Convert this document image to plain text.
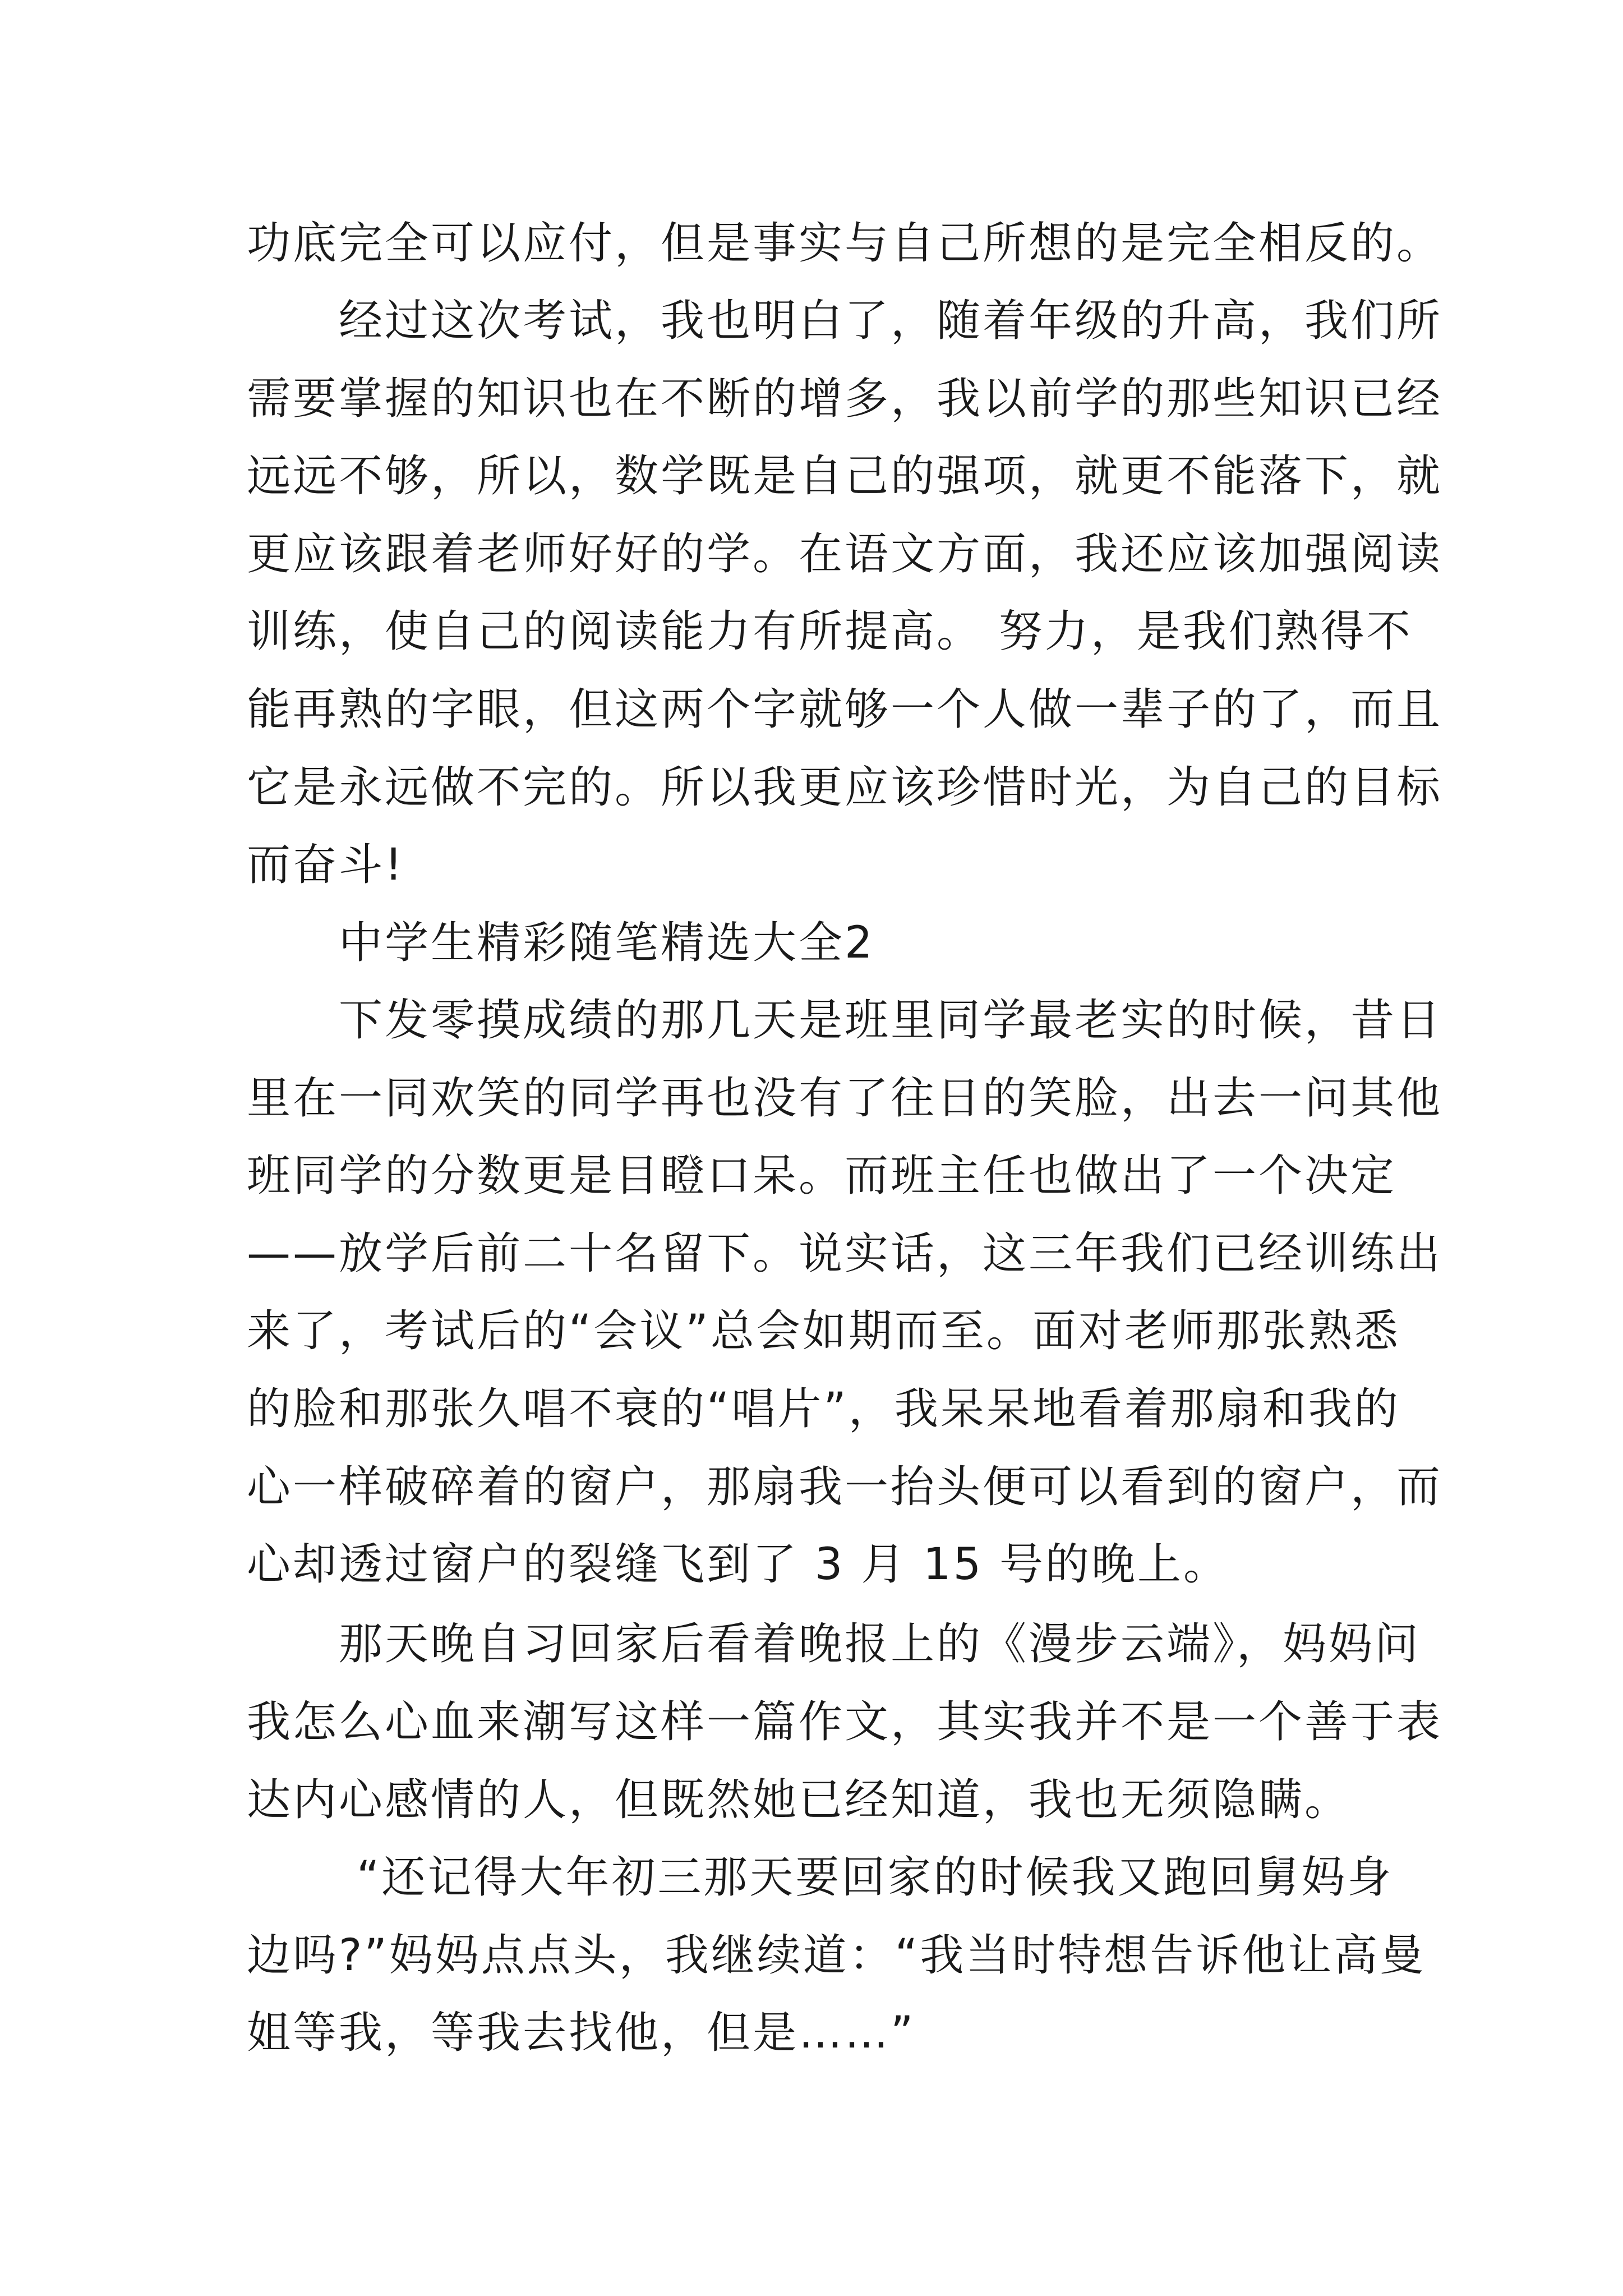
功底完全可以应付，但是事实与自己所想的是完全相反的。
经过这次考试，我也明白了，随着年级的升高，我们所
需要掌握的知识也在不断的增多，我以前学的那些知识已经
远远不够，所以，数学既是自己的强项，就更不能落下，就
更应该跟着老师好好的学。在语文方面，我还应该加强阅读
训练，使自己的阅读能力有所提高。 努力，是我们熟得不
能再熟的字眼，但这两个字就够一个人做一辈子的了，而且
它是永远做不完的。所以我更应该珍惜时光，为自己的目标
而奋斗!
中学生精彩随笔精选大全2
下发零摸成绩的那几天是班里同学最老实的时候，昔日
里在一同欢笑的同学再也没有了往日的笑脸，出去一问其他
班同学的分数更是目瞪口呆。而班主任也做出了一个决定
——放学后前二十名留下。说实话，这三年我们已经训练出
来了，考试后的“会议”总会如期而至。面对老师那张熟悉
的脸和那张久唱不衰的“唱片”，我呆呆地看着那扇和我的
心一样破碎着的窗户，那扇我一抬头便可以看到的窗户，而
心却透过窗户的裂缝飞到了 3 月 15 号的晚上。
那天晚自习回家后看着晚报上的《漫步云端》，妈妈问
我怎么心血来潮写这样一篇作文，其实我并不是一个善于表
达内心感情的人，但既然她已经知道，我也无须隐瞒。
“还记得大年初三那天要回家的时候我又跑回舅妈身
边吗?”妈妈点点头，我继续道：“我当时特想告诉他让高曼
姐等我，等我去找他，但是……”
